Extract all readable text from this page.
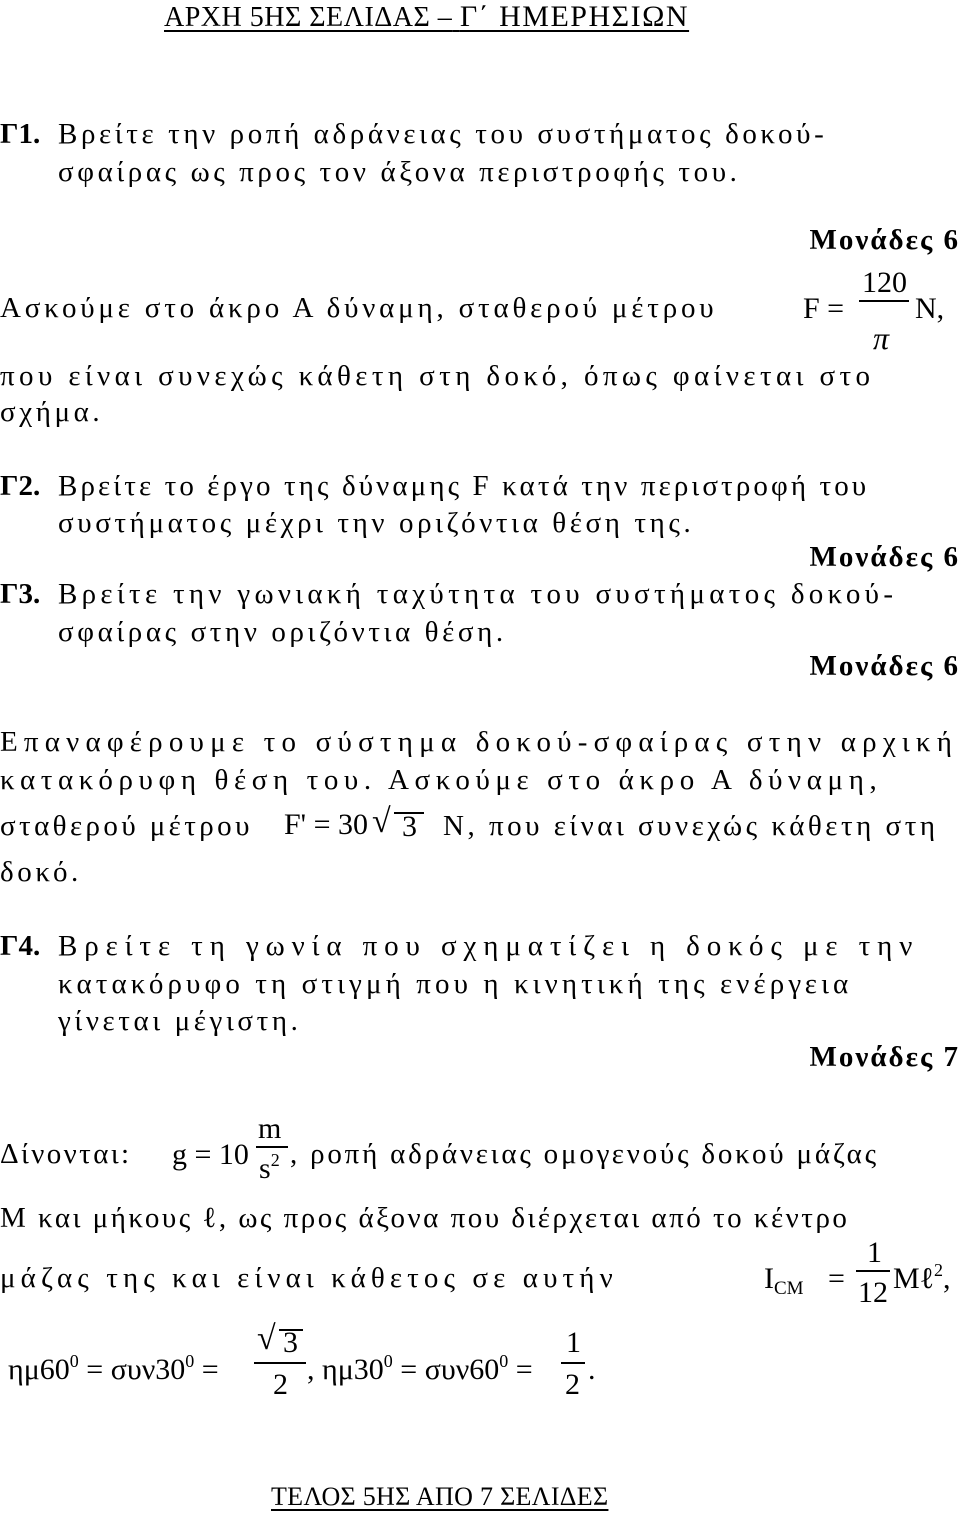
ΑΡΧΗ 5ΗΣ ΣΕΛΙΔΑΣ – Γ΄ ΗΜΕΡΗΣΙΩΝ
Γ1. Βρείτε την ροπή αδράνειας του συστήματος δοκού-
σφαίρας ως προς τον άξονα περιστροφής του.
Μονάδες 6
Ασκούμε στο άκρο Α δύναμη, σταθερού μέτρου	F =
120
π
N,
που είναι συνεχώς κάθετη στη δοκό, όπως φαίνεται στο
σχήμα.
Γ2. Βρείτε το έργο της δύναμης F κατά την περιστροφή του
συστήματος μέχρι την οριζόντια θέση της.
Μονάδες 6
Γ3. Βρείτε την γωνιακή ταχύτητα του συστήματος δοκού-
σφαίρας στην οριζόντια θέση.
Μονάδες 6
Επαναφέρουμε το σύστημα δοκού-σφαίρας στην αρχική
κατακόρυφη θέση του. Ασκούμε στο άκρο Α δύναμη,
σταθερού μέτρου F' = 30 √ 3 N, που είναι συνεχώς κάθετη στη
δοκό.
Γ4. Βρείτε τη γωνία που σχηματίζει η δοκός με την
κατακόρυφο τη στιγμή που η κινητική της ενέργεια
γίνεται μέγιστη.
Μονάδες 7
Δίνονται: g = 10
m
$s^2$ , ροπή αδράνειας ομογενούς δοκού μάζας
Μ και μήκους ℓ, ως προς άξονα που διέρχεται από το κέντρο
μάζας της και είναι κάθετος σε αυτήν	$I_{CM}$ =
1
12 Mℓ$^2$,
$\eta\mu 60^0 = \sigma\upsilon\nu 30^0$ =
√ 3
2 , $\eta\mu 30^0 = \sigma\upsilon\nu 60^0$ =
1
2 .
ΤΕΛΟΣ 5ΗΣ ΑΠΟ 7 ΣΕΛΙΔΕΣ
